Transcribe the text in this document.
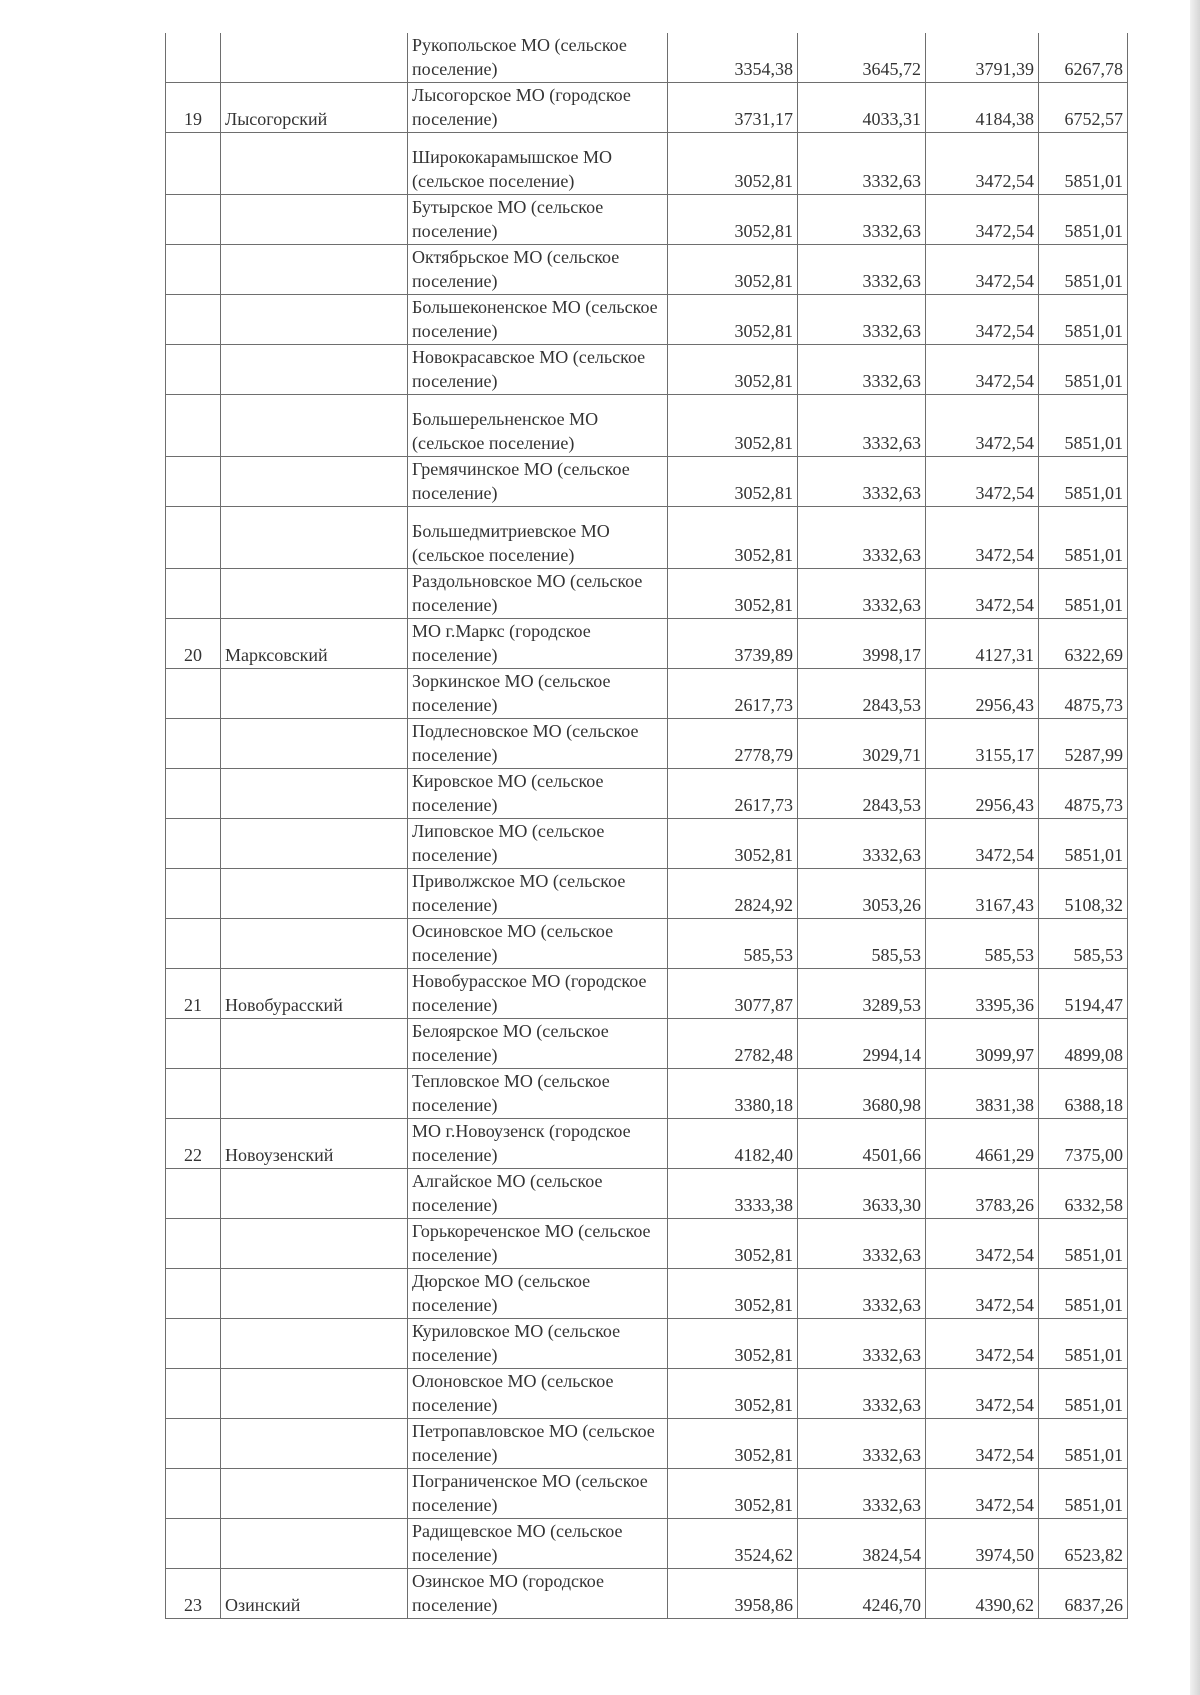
		Рукопольское МО (сельское поселение)	3354,38	3645,72	3791,39	6267,78
19	Лысогорский	Лысогорское МО (городское поселение)	3731,17	4033,31	4184,38	6752,57
		Ширококарамышское МО (сельское поселение)	3052,81	3332,63	3472,54	5851,01
		Бутырское МО (сельское поселение)	3052,81	3332,63	3472,54	5851,01
		Октябрьское МО (сельское поселение)	3052,81	3332,63	3472,54	5851,01
		Большеконенское МО (сельское поселение)	3052,81	3332,63	3472,54	5851,01
		Новокрасавское МО (сельское поселение)	3052,81	3332,63	3472,54	5851,01
		Большерельненское МО (сельское поселение)	3052,81	3332,63	3472,54	5851,01
		Гремячинское МО (сельское поселение)	3052,81	3332,63	3472,54	5851,01
		Большедмитриевское МО (сельское поселение)	3052,81	3332,63	3472,54	5851,01
		Раздольновское МО (сельское поселение)	3052,81	3332,63	3472,54	5851,01
20	Марксовский	МО г.Маркс (городское поселение)	3739,89	3998,17	4127,31	6322,69
		Зоркинское МО (сельское поселение)	2617,73	2843,53	2956,43	4875,73
		Подлесновское МО (сельское поселение)	2778,79	3029,71	3155,17	5287,99
		Кировское МО (сельское поселение)	2617,73	2843,53	2956,43	4875,73
		Липовское МО (сельское поселение)	3052,81	3332,63	3472,54	5851,01
		Приволжское МО (сельское поселение)	2824,92	3053,26	3167,43	5108,32
		Осиновское МО (сельское поселение)	585,53	585,53	585,53	585,53
21	Новобурасский	Новобурасское МО (городское поселение)	3077,87	3289,53	3395,36	5194,47
		Белоярское МО (сельское поселение)	2782,48	2994,14	3099,97	4899,08
		Тепловское МО (сельское поселение)	3380,18	3680,98	3831,38	6388,18
22	Новоузенский	МО г.Новоузенск (городское поселение)	4182,40	4501,66	4661,29	7375,00
		Алгайское МО (сельское поселение)	3333,38	3633,30	3783,26	6332,58
		Горькореченское МО (сельское поселение)	3052,81	3332,63	3472,54	5851,01
		Дюрское МО (сельское поселение)	3052,81	3332,63	3472,54	5851,01
		Куриловское МО (сельское поселение)	3052,81	3332,63	3472,54	5851,01
		Олоновское МО (сельское поселение)	3052,81	3332,63	3472,54	5851,01
		Петропавловское МО (сельское поселение)	3052,81	3332,63	3472,54	5851,01
		Пограниченское МО (сельское поселение)	3052,81	3332,63	3472,54	5851,01
		Радищевское МО (сельское поселение)	3524,62	3824,54	3974,50	6523,82
23	Озинский	Озинское МО (городское поселение)	3958,86	4246,70	4390,62	6837,26
